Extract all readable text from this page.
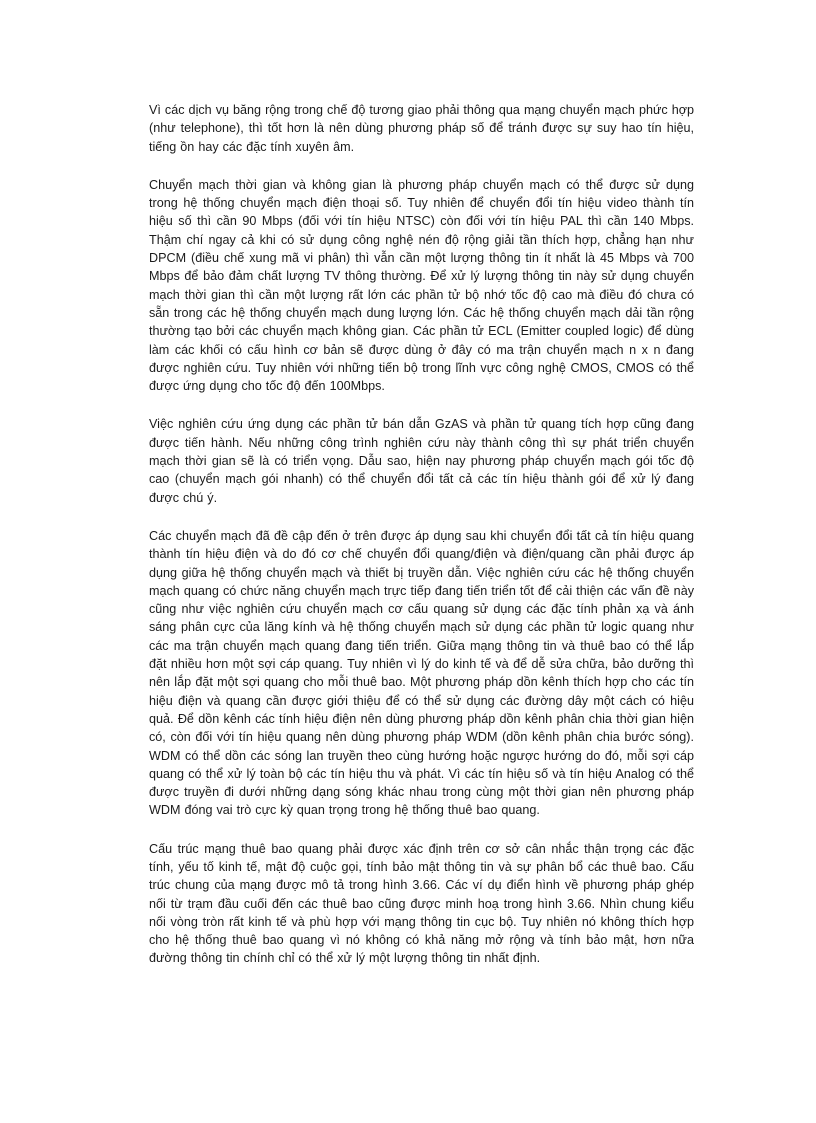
Vì các dịch vụ băng rộng trong chế độ tương giao phải thông qua mạng chuyển mạch phức hợp (như telephone), thì tốt hơn là nên dùng phương pháp số để tránh được sự suy hao tín hiệu, tiếng ồn hay các đặc tính xuyên âm.

Chuyển mạch thời gian và không gian là phương pháp chuyển mạch có thể được sử dụng trong hệ thống chuyển mạch điện thoại số. Tuy nhiên để chuyển đổi tín hiệu video thành tín hiệu số thì cần 90 Mbps (đối với tín hiệu NTSC) còn đối với tín hiệu PAL thì cần 140 Mbps. Thậm chí ngay cả khi có sử dụng công nghệ nén độ rộng giải tần thích hợp, chẳng hạn như DPCM (điều chế xung mã vi phân) thì vẫn cần một lượng thông tin ít nhất là 45 Mbps và 700 Mbps để bảo đảm chất lượng TV thông thường. Để xử lý lượng thông tin này sử dụng chuyển mạch thời gian thì cần một lượng rất lớn các phần tử bộ nhớ tốc độ cao mà điều đó chưa có sẵn trong các hệ thống chuyển mạch dung lượng lớn. Các hệ thống chuyển mạch dải tần rộng thường tạo bởi các chuyển mạch không gian. Các phần tử ECL (Emitter coupled logic) để dùng làm các khối có cấu hình cơ bản sẽ được dùng ở đây có ma trận chuyển mạch n x n đang được nghiên cứu. Tuy nhiên với những tiến bộ trong lĩnh vực công nghệ CMOS, CMOS có thể được ứng dụng cho tốc độ đến 100Mbps.

Việc nghiên cứu ứng dụng các phần tử bán dẫn GzAS và phần tử quang tích hợp cũng đang được tiến hành. Nếu những công trình nghiên cứu này thành công thì sự phát triển chuyển mạch thời gian sẽ là có triển vọng. Dẫu sao, hiện nay phương pháp chuyển mạch gói tốc độ cao (chuyển mạch gói nhanh) có thể chuyển đổi tất cả các tín hiệu thành gói để xử lý đang được chú ý.

Các chuyển mạch đã đề cập đến ở trên được áp dụng sau khi chuyển đổi tất cả tín hiệu quang thành tín hiệu điện và do đó cơ chế chuyển đổi quang/điện và điện/quang cần phải được áp dụng giữa hệ thống chuyển mạch và thiết bị truyền dẫn. Việc nghiên cứu các hệ thống chuyển mạch quang có chức năng chuyển mạch trực tiếp đang tiến triển tốt để cải thiện các vấn đề này cũng như việc nghiên cứu chuyển mạch cơ cấu quang sử dụng các đặc tính phản xạ và ánh sáng phân cực của lăng kính và hệ thống chuyển mạch sử dụng các phần tử logic quang như các ma trận chuyển mạch quang đang tiến triển. Giữa mạng thông tin và thuê bao có thể lắp đặt nhiều hơn một sợi cáp quang. Tuy nhiên vì lý do kinh tế và để dễ sửa chữa, bảo dưỡng thì nên lắp đặt một sợi quang cho mỗi thuê bao. Một phương pháp dồn kênh thích hợp cho các tín hiệu điện và quang cần được giới thiệu để có thể sử dụng các đường dây một cách có hiệu quả. Để dồn kênh các tính hiệu điện nên dùng phương pháp dồn kênh phân chia thời gian hiện có, còn đối với tín hiệu quang nên dùng phương pháp WDM (dồn kênh phân chia bước sóng). WDM có thể dồn các sóng lan truyền theo cùng hướng hoặc ngược hướng do đó, mỗi sợi cáp quang có thể xử lý toàn bộ các tín hiệu thu và phát. Vì các tín hiệu số và tín hiệu Analog có thể được truyền đi dưới những dạng sóng khác nhau trong cùng một thời gian nên phương pháp WDM đóng vai trò cực kỳ quan trọng trong hệ thống thuê bao quang.

Cấu trúc mạng thuê bao quang phải được xác định trên cơ sở cân nhắc thận trọng các đặc tính, yếu tố kinh tế, mật độ cuộc gọi, tính bảo mật thông tin và sự phân bổ các thuê bao. Cấu trúc chung của mạng được mô tả trong hình 3.66. Các ví dụ điển hình về phương pháp ghép nối từ trạm đầu cuối đến các thuê bao cũng được minh hoạ trong hình 3.66. Nhìn chung kiểu nối vòng tròn rất kinh tế và phù hợp với mạng thông tin cục bộ. Tuy nhiên nó không thích hợp cho hệ thống thuê bao quang vì nó không có khả năng mở rộng và tính bảo mật, hơn nữa đường thông tin chính chỉ có thể xử lý một lượng thông tin nhất định.
